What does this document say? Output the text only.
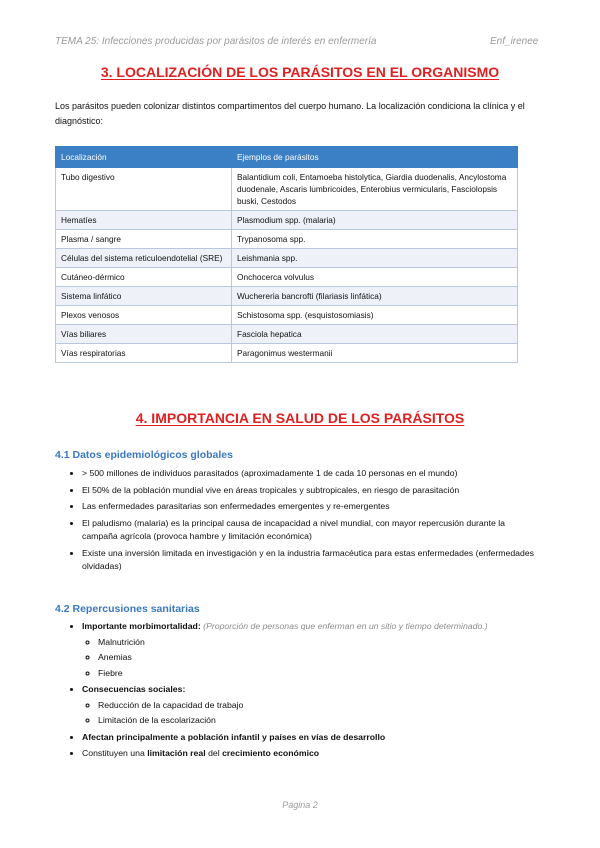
TEMA 25: Infecciones producidas por parásitos de interés en enfermería	Enf_irenee
3. LOCALIZACIÓN DE LOS PARÁSITOS EN EL ORGANISMO
Los parásitos pueden colonizar distintos compartimentos del cuerpo humano. La localización condiciona la clínica y el diagnóstico:
Localización	Ejemplos de parásitos
Tubo digestivo	Balantidium coli, Entamoeba histolytica, Giardia duodenalis, Ancylostoma duodenale, Ascaris lumbricoides, Enterobius vermicularis, Fasciolopsis buski, Cestodos
Hematíes	Plasmodium spp. (malaria)
Plasma / sangre	Trypanosoma spp.
Células del sistema reticuloendotelial (SRE)	Leishmania spp.
Cutáneo-dérmico	Onchocerca volvulus
Sistema linfático	Wuchereria bancrofti (filariasis linfática)
Plexos venosos	Schistosoma spp. (esquistosomiasis)
Vías biliares	Fasciola hepatica
Vías respiratorias	Paragonimus westermanii
4. IMPORTANCIA EN SALUD DE LOS PARÁSITOS
4.1 Datos epidemiológicos globales
• > 500 millones de individuos parasitados (aproximadamente 1 de cada 10 personas en el mundo)
• El 50% de la población mundial vive en áreas tropicales y subtropicales, en riesgo de parasitación
• Las enfermedades parasitarias son enfermedades emergentes y re-emergentes
• El paludismo (malaria) es la principal causa de incapacidad a nivel mundial, con mayor repercusión durante la campaña agrícola (provoca hambre y limitación económica)
• Existe una inversión limitada en investigación y en la industria farmacéutica para estas enfermedades (enfermedades olvidadas)
4.2 Repercusiones sanitarias
• Importante morbimortalidad: (Proporción de personas que enferman en un sitio y tiempo determinado.)
◦ Malnutrición
◦ Anemias
◦ Fiebre
• Consecuencias sociales:
◦ Reducción de la capacidad de trabajo
◦ Limitación de la escolarización
• Afectan principalmente a población infantil y países en vías de desarrollo
• Constituyen una limitación real del crecimiento económico
Página 2
